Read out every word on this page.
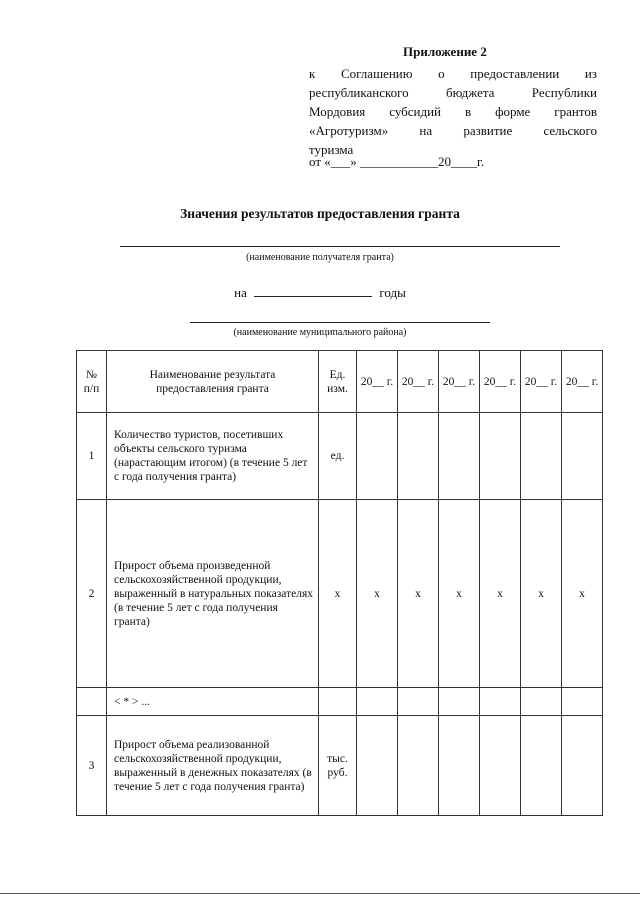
Приложение 2
к Соглашению о предоставлении из
республиканского бюджета Республики
Мордовия субсидий в форме грантов
«Агротуризм» на развитие сельского
туризма
от «___» ____________20____г.
Значения результатов предоставления гранта
(наименование получателя гранта)
на	годы
(наименование муниципального района)
№ п/п	Наименование результата предоставления гранта	Ед. изм.	20__ г.	20__ г.	20__ г.	20__ г.	20__ г.	20__ г.
1	Количество туристов, посетивших объекты сельского туризма (нарастающим итогом) (в течение 5 лет с года получения гранта)	ед.						
2	Прирост объема произведенной сельскохозяйственной продукции, выраженный в натуральных показателях (в течение 5 лет с года получения гранта)	х	х	х	х	х	х	х
	< * > ...							
3	Прирост объема реализованной сельскохозяйственной продукции, выраженный в денежных показателях (в течение 5 лет с года получения гранта)	тыс. руб.						
